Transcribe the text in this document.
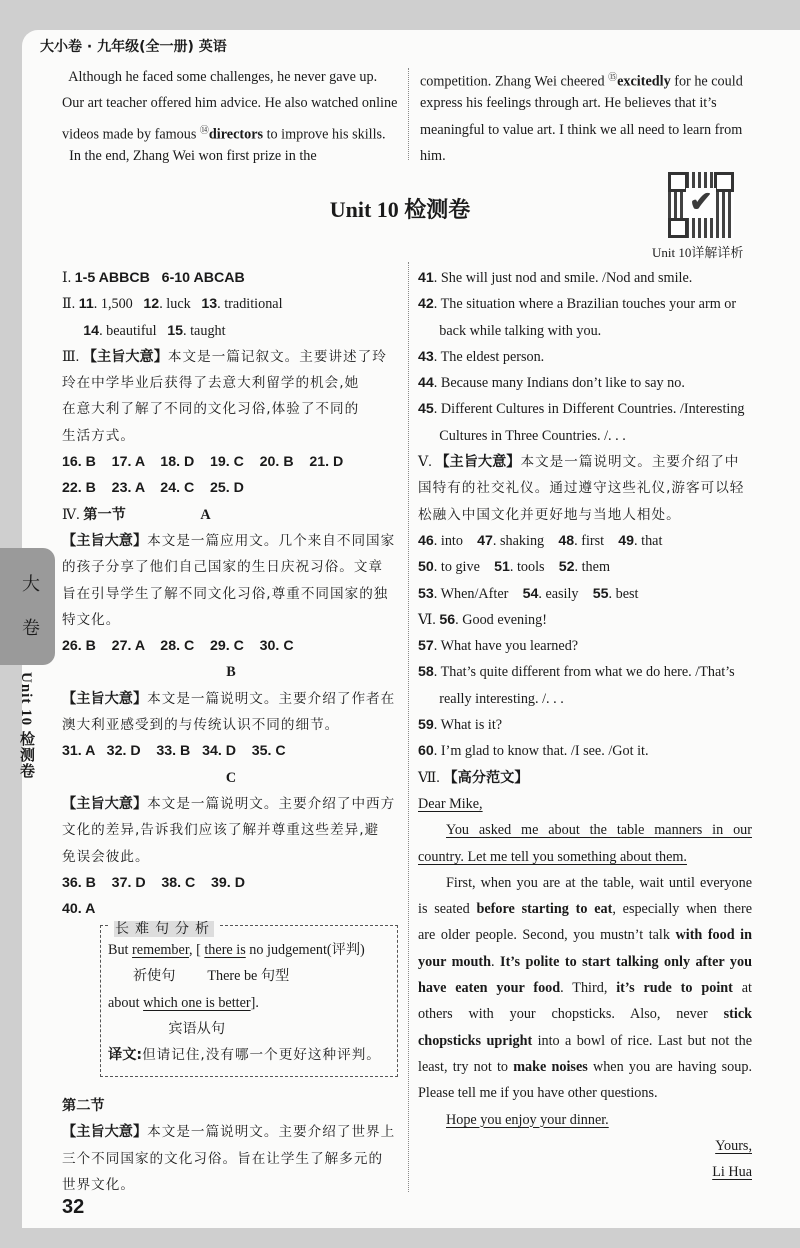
大小卷 · 九年级(全一册) 英语
Although he faced some challenges, he never gave up.
Our art teacher offered him advice. He also watched online
videos made by famous ⑭directors to improve his skills.
In the end, Zhang Wei won first prize in the
competition. Zhang Wei cheered ⑮excitedly for he could
express his feelings through art. He believes that it’s
meaningful to value art. I think we all need to learn from
him.
Unit 10 检测卷	✔
Unit 10详解详析
大
卷
Unit 10 检测卷
Ⅰ. 1-5 ABBCB   6-10 ABCAB
Ⅱ. 11. 1,500   12. luck   13. traditional
14. beautiful   15. taught
Ⅲ. 【主旨大意】本文是一篇记叙文。主要讲述了玲
玲在中学毕业后获得了去意大利留学的机会,她
在意大利了解了不同的文化习俗,体验了不同的
生活方式。
16. B    17. A    18. D    19. C    20. B    21. D
22. B    23. A    24. C    25. D
Ⅳ. 第一节                     A
【主旨大意】本文是一篇应用文。几个来自不同国家
的孩子分享了他们自己国家的生日庆祝习俗。文章
旨在引导学生了解不同文化习俗,尊重不同国家的独
特文化。
26. B    27. A    28. C    29. C    30. C
B
【主旨大意】本文是一篇说明文。主要介绍了作者在
澳大利亚感受到的与传统认识不同的细节。
31. A   32. D    33. B   34. D    35. C
C
【主旨大意】本文是一篇说明文。主要介绍了中西方
文化的差异,告诉我们应该了解并尊重这些差异,避
免误会彼此。
36. B    37. D    38. C    39. D
40. A
长 难 句 分 析
But remember, [ there is no judgement(评判)
祈使句         There be 句型
about which one is better].
宾语从句
译文:但请记住,没有哪一个更好这种评判。
第二节
【主旨大意】本文是一篇说明文。主要介绍了世界上
三个不同国家的文化习俗。旨在让学生了解多元的
世界文化。
41. She will just nod and smile. /Nod and smile.
42. The situation where a Brazilian touches your arm or
back while talking with you.
43. The eldest person.
44. Because many Indians don’t like to say no.
45. Different Cultures in Different Countries. /Interesting
Cultures in Three Countries. /. . .
Ⅴ. 【主旨大意】本文是一篇说明文。主要介绍了中
国特有的社交礼仪。通过遵守这些礼仪,游客可以轻
松融入中国文化并更好地与当地人相处。
46. into    47. shaking    48. first    49. that
50. to give    51. tools    52. them
53. When/After    54. easily    55. best
Ⅵ. 56. Good evening!
57. What have you learned?
58. That’s quite different from what we do here. /That’s
really interesting. /. . .
59. What is it?
60. I’m glad to know that. /I see. /Got it.
Ⅶ. 【高分范文】
Dear Mike,
You asked me about the table manners in our
country. Let me tell you something about them.
First, when you are at the table, wait until everyone
is seated before starting to eat, especially when there
are older people. Second, you mustn’t talk with food in
your mouth. It’s polite to start talking only after you
have eaten your food. Third, it’s rude to point at
others with your chopsticks. Also, never stick
chopsticks upright into a bowl of rice. Last but not the
least, try not to make noises when you are having soup.
Please tell me if you have other questions.
Hope you enjoy your dinner.
Yours,
Li Hua
32
